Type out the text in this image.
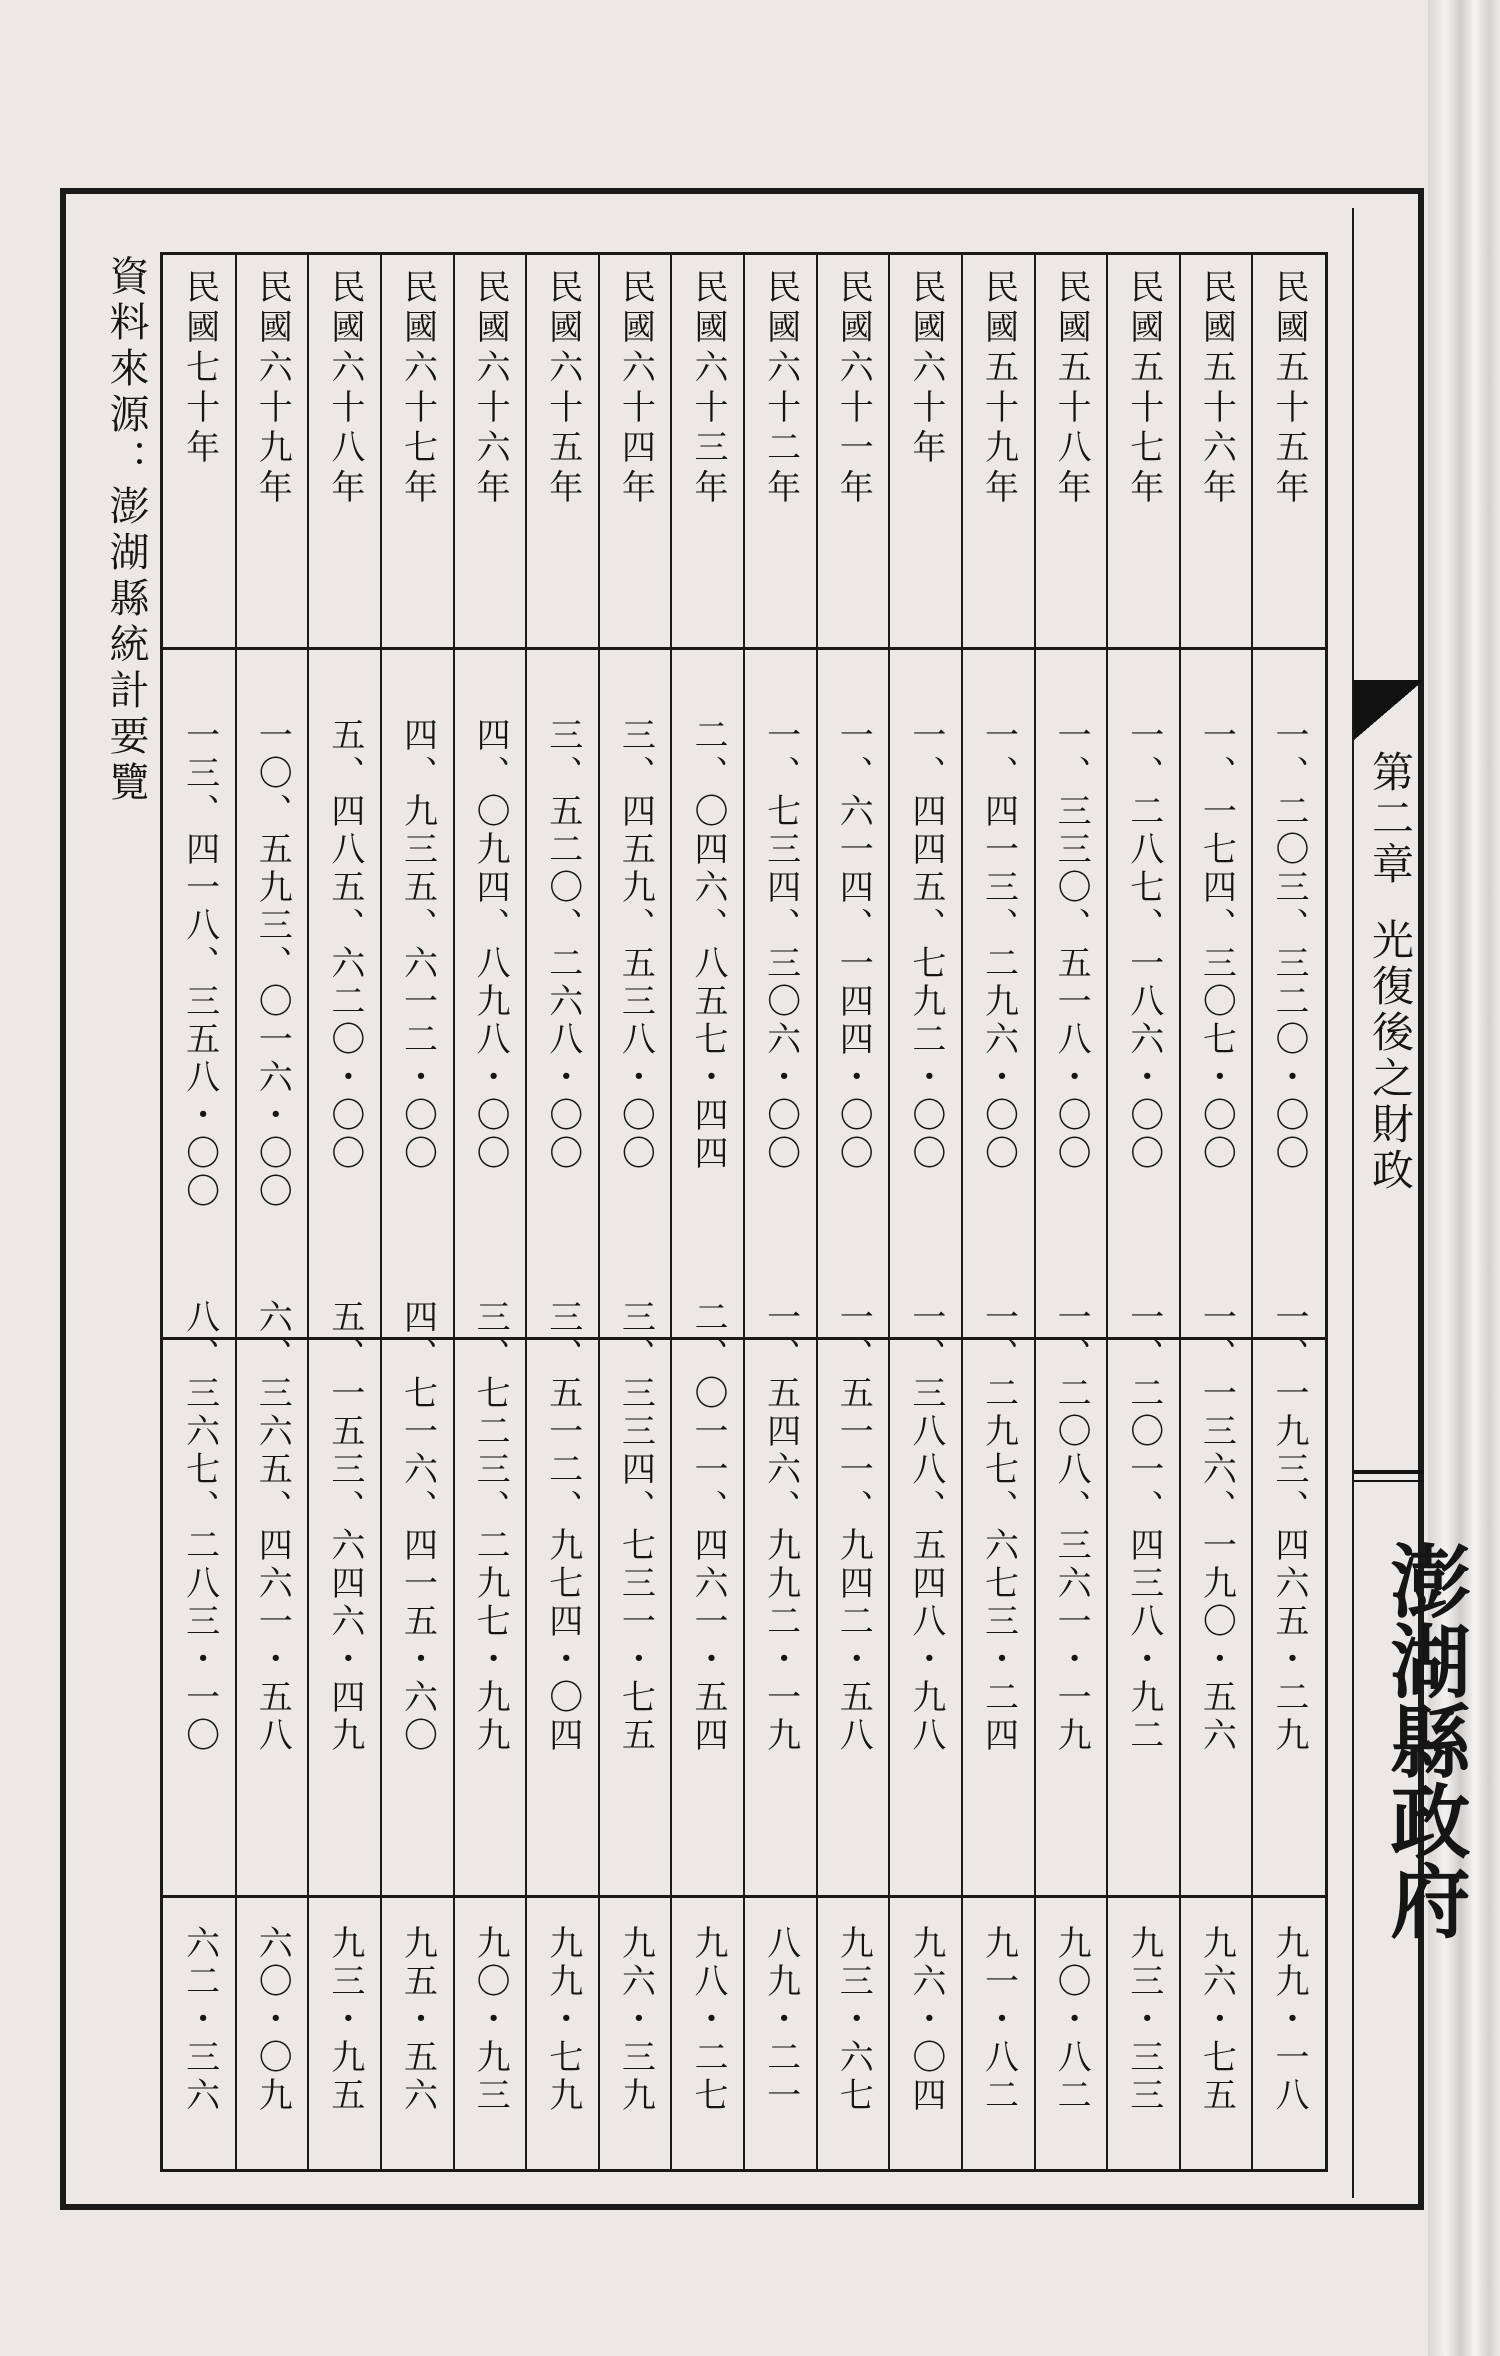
第二章光復後之財政
澎湖縣政府
民國五十五年
一、二〇三、三二〇・〇〇
一、一九三、四六五・二九
九九・一八
民國五十六年
一、一七四、三〇七・〇〇
一、一三六、一九〇・五六
九六・七五
民國五十七年
一、二八七、一八六・〇〇
一、二〇一、四三八・九二
九三・三三
民國五十八年
一、三三〇、五一八・〇〇
一、二〇八、三六一・一九
九〇・八二
民國五十九年
一、四一三、二九六・〇〇
一、二九七、六七三・二四
九一・八二
民國六十年
一、四四五、七九二・〇〇
一、三八八、五四八・九八
九六・〇四
民國六十一年
一、六一四、一四四・〇〇
一、五一一、九四二・五八
九三・六七
民國六十二年
一、七三四、三〇六・〇〇
一、五四六、九九二・一九
八九・二一
民國六十三年
二、〇四六、八五七・四四
二、〇一一、四六一・五四
九八・二七
民國六十四年
三、四五九、五三八・〇〇
三、三三四、七三一・七五
九六・三九
民國六十五年
三、五二〇、二六八・〇〇
三、五一二、九七四・〇四
九九・七九
民國六十六年
四、〇九四、八九八・〇〇
三、七二三、二九七・九九
九〇・九三
民國六十七年
四、九三五、六一二・〇〇
四、七一六、四一五・六〇
九五・五六
民國六十八年
五、四八五、六二〇・〇〇
五、一五三、六四六・四九
九三・九五
民國六十九年
一〇、五九三、〇一六・〇〇
六、三六五、四六一・五八
六〇・〇九
民國七十年
一三、四一八、三五八・〇〇
八、三六七、二八三・一〇
六二・三六
資料來源：澎湖縣統計要覽
